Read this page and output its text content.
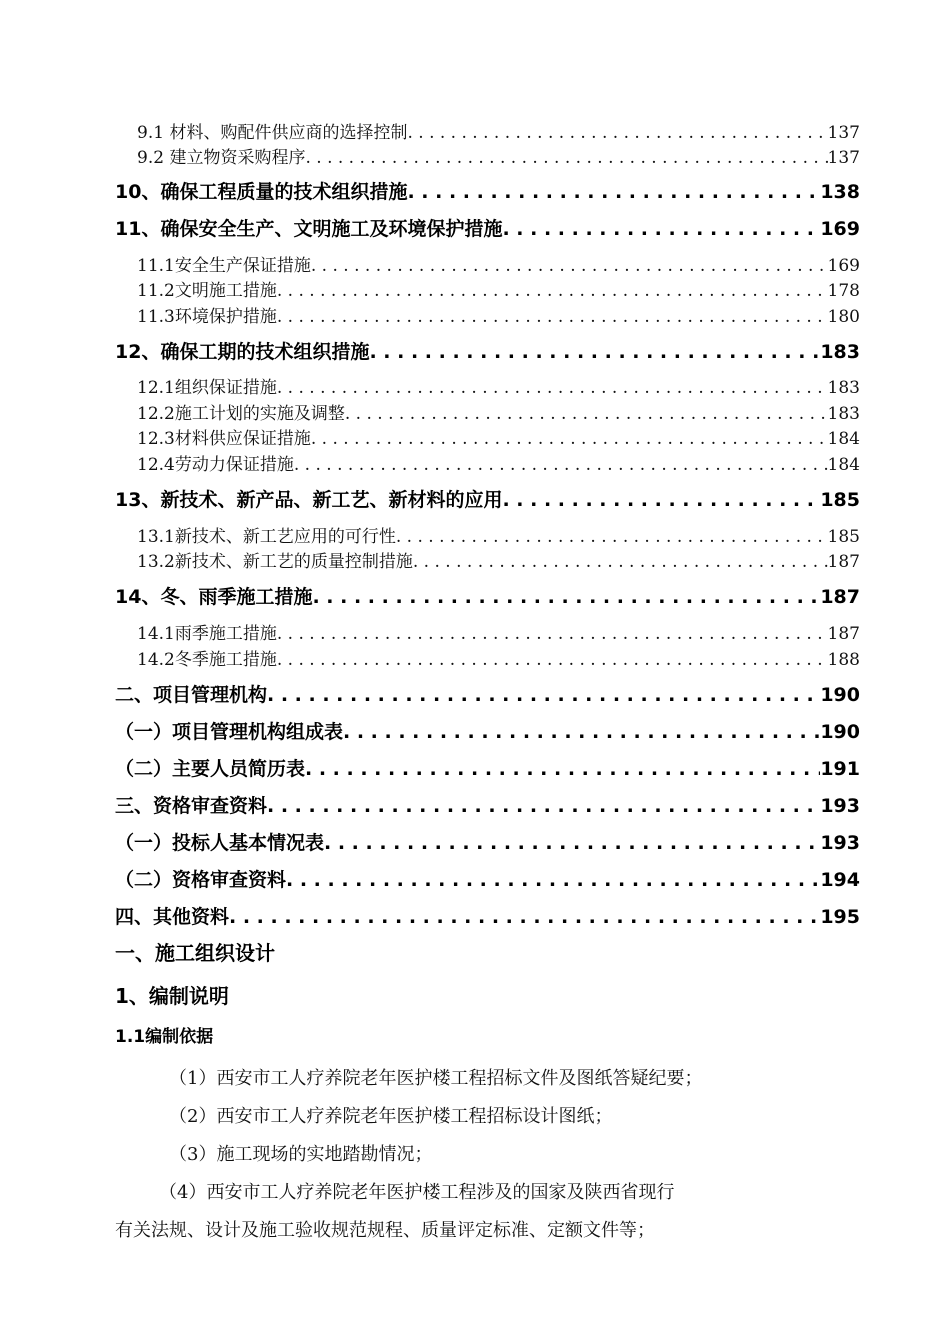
9.1 材料、购配件供应商的选择控制 . . .	137
9.2 建立物资采购程序 . . .	137
10、确保工程质量的技术组织措施 . . .	138
11、确保安全生产、文明施工及环境保护措施 . . .	169
11.1安全生产保证措施 . . .	169
11.2文明施工措施 . . .	178
11.3环境保护措施 . . .	180
12、确保工期的技术组织措施 . . .	183
12.1组织保证措施 . . .	183
12.2施工计划的实施及调整 . . .	183
12.3材料供应保证措施 . . .	184
12.4劳动力保证措施 . . .	184
13、新技术、新产品、新工艺、新材料的应用 . . .	185
13.1新技术、新工艺应用的可行性 . . .	185
13.2新技术、新工艺的质量控制措施 . . .	187
14、冬、雨季施工措施 . . .	187
14.1雨季施工措施 . . .	187
14.2冬季施工措施 . . .	188
二、项目管理机构 . . .	190
（一）项目管理机构组成表 . . .	190
（二）主要人员简历表 . . .	191
三、资格审查资料 . . .	193
（一）投标人基本情况表 . . .	193
（二）资格审查资料 . . .	194
四、其他资料 . . .	195
一、施工组织设计
1、编制说明
1.1编制依据
（1）西安市工人疗养院老年医护楼工程招标文件及图纸答疑纪要；
（2）西安市工人疗养院老年医护楼工程招标设计图纸；
（3）施工现场的实地踏勘情况；
（4）西安市工人疗养院老年医护楼工程涉及的国家及陕西省现行
有关法规、设计及施工验收规范规程、质量评定标准、定额文件等；
